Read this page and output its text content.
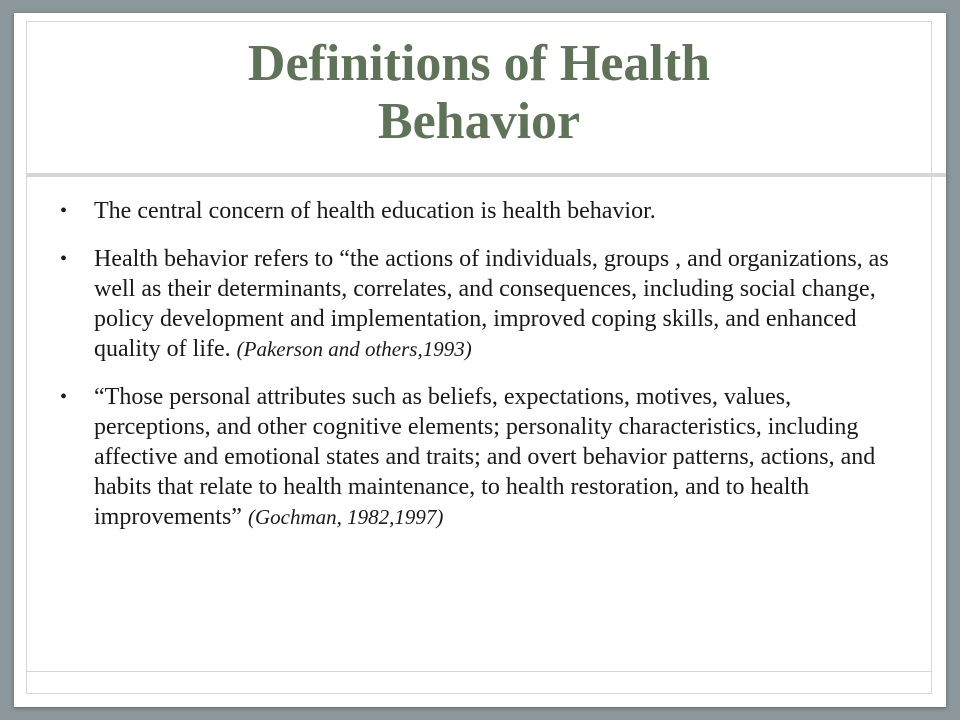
Definitions of Health
Behavior
• The central concern of health education is health behavior.
• Health behavior refers to “the actions of individuals, groups , and organizations, as well as their determinants, correlates, and consequences, including social change, policy development and implementation, improved coping skills, and enhanced quality of life. (Pakerson and others,1993)
• “Those personal attributes such as beliefs, expectations, motives, values, perceptions, and other cognitive elements; personality characteristics, including affective and emotional states and traits; and overt behavior patterns, actions, and habits that relate to health maintenance, to health restoration, and to health improvements” (Gochman, 1982,1997)
